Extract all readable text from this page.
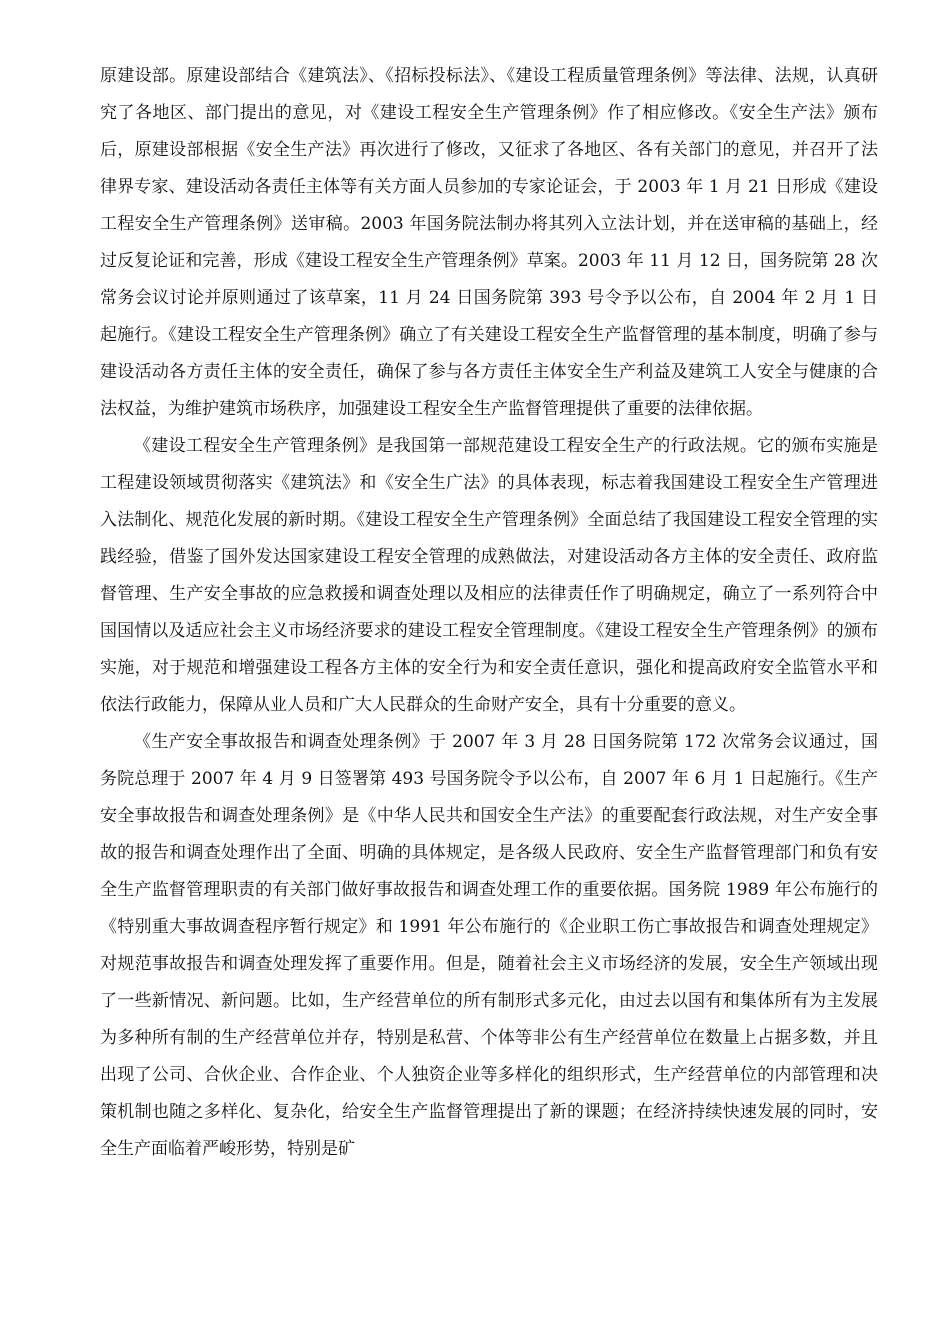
原建设部。原建设部结合《建筑法》、《招标投标法》、《建设工程质量管理条例》等法律、法规，认真研究了各地区、部门提出的意见，对《建设工程安全生产管理条例》作了相应修改。《安全生产法》颁布后，原建设部根据《安全生产法》再次进行了修改，又征求了各地区、各有关部门的意见，并召开了法律界专家、建设活动各责任主体等有关方面人员参加的专家论证会，于 2003 年 1 月 21 日形成《建设工程安全生产管理条例》送审稿。2003 年国务院法制办将其列入立法计划，并在送审稿的基础上，经过反复论证和完善，形成《建设工程安全生产管理条例》草案。2003 年 11 月 12 日，国务院第 28 次常务会议讨论并原则通过了该草案，11 月 24 日国务院第 393 号令予以公布，自 2004 年 2 月 1 日起施行。《建设工程安全生产管理条例》确立了有关建设工程安全生产监督管理的基本制度，明确了参与建设活动各方责任主体的安全责任，确保了参与各方责任主体安全生产利益及建筑工人安全与健康的合法权益，为维护建筑市场秩序，加强建设工程安全生产监督管理提供了重要的法律依据。

《建设工程安全生产管理条例》是我国第一部规范建设工程安全生产的行政法规。它的颁布实施是工程建设领域贯彻落实《建筑法》和《安全生广法》的具体表现，标志着我国建设工程安全生产管理进入法制化、规范化发展的新时期。《建设工程安全生产管理条例》全面总结了我国建设工程安全管理的实践经验，借鉴了国外发达国家建设工程安全管理的成熟做法，对建设活动各方主体的安全责任、政府监督管理、生产安全事故的应急救援和调查处理以及相应的法律责任作了明确规定，确立了一系列符合中国国情以及适应社会主义市场经济要求的建设工程安全管理制度。《建设工程安全生产管理条例》的颁布实施，对于规范和增强建设工程各方主体的安全行为和安全责任意识，强化和提高政府安全监管水平和依法行政能力，保障从业人员和广大人民群众的生命财产安全，具有十分重要的意义。

《生产安全事故报告和调查处理条例》于 2007 年 3 月 28 日国务院第 172 次常务会议通过，国务院总理于 2007 年 4 月 9 日签署第 493 号国务院令予以公布，自 2007 年 6 月 1 日起施行。《生产安全事故报告和调查处理条例》是《中华人民共和国安全生产法》的重要配套行政法规，对生产安全事故的报告和调查处理作出了全面、明确的具体规定，是各级人民政府、安全生产监督管理部门和负有安全生产监督管理职责的有关部门做好事故报告和调查处理工作的重要依据。国务院 1989 年公布施行的《特别重大事故调查程序暂行规定》和 1991 年公布施行的《企业职工伤亡事故报告和调查处理规定》对规范事故报告和调查处理发挥了重要作用。但是，随着社会主义市场经济的发展，安全生产领域出现了一些新情况、新问题。比如，生产经营单位的所有制形式多元化，由过去以国有和集体所有为主发展为多种所有制的生产经营单位并存，特别是私营、个体等非公有生产经营单位在数量上占据多数，并且出现了公司、合伙企业、合作企业、个人独资企业等多样化的组织形式，生产经营单位的内部管理和决策机制也随之多样化、复杂化，给安全生产监督管理提出了新的课题；在经济持续快速发展的同时，安全生产面临着严峻形势，特别是矿
